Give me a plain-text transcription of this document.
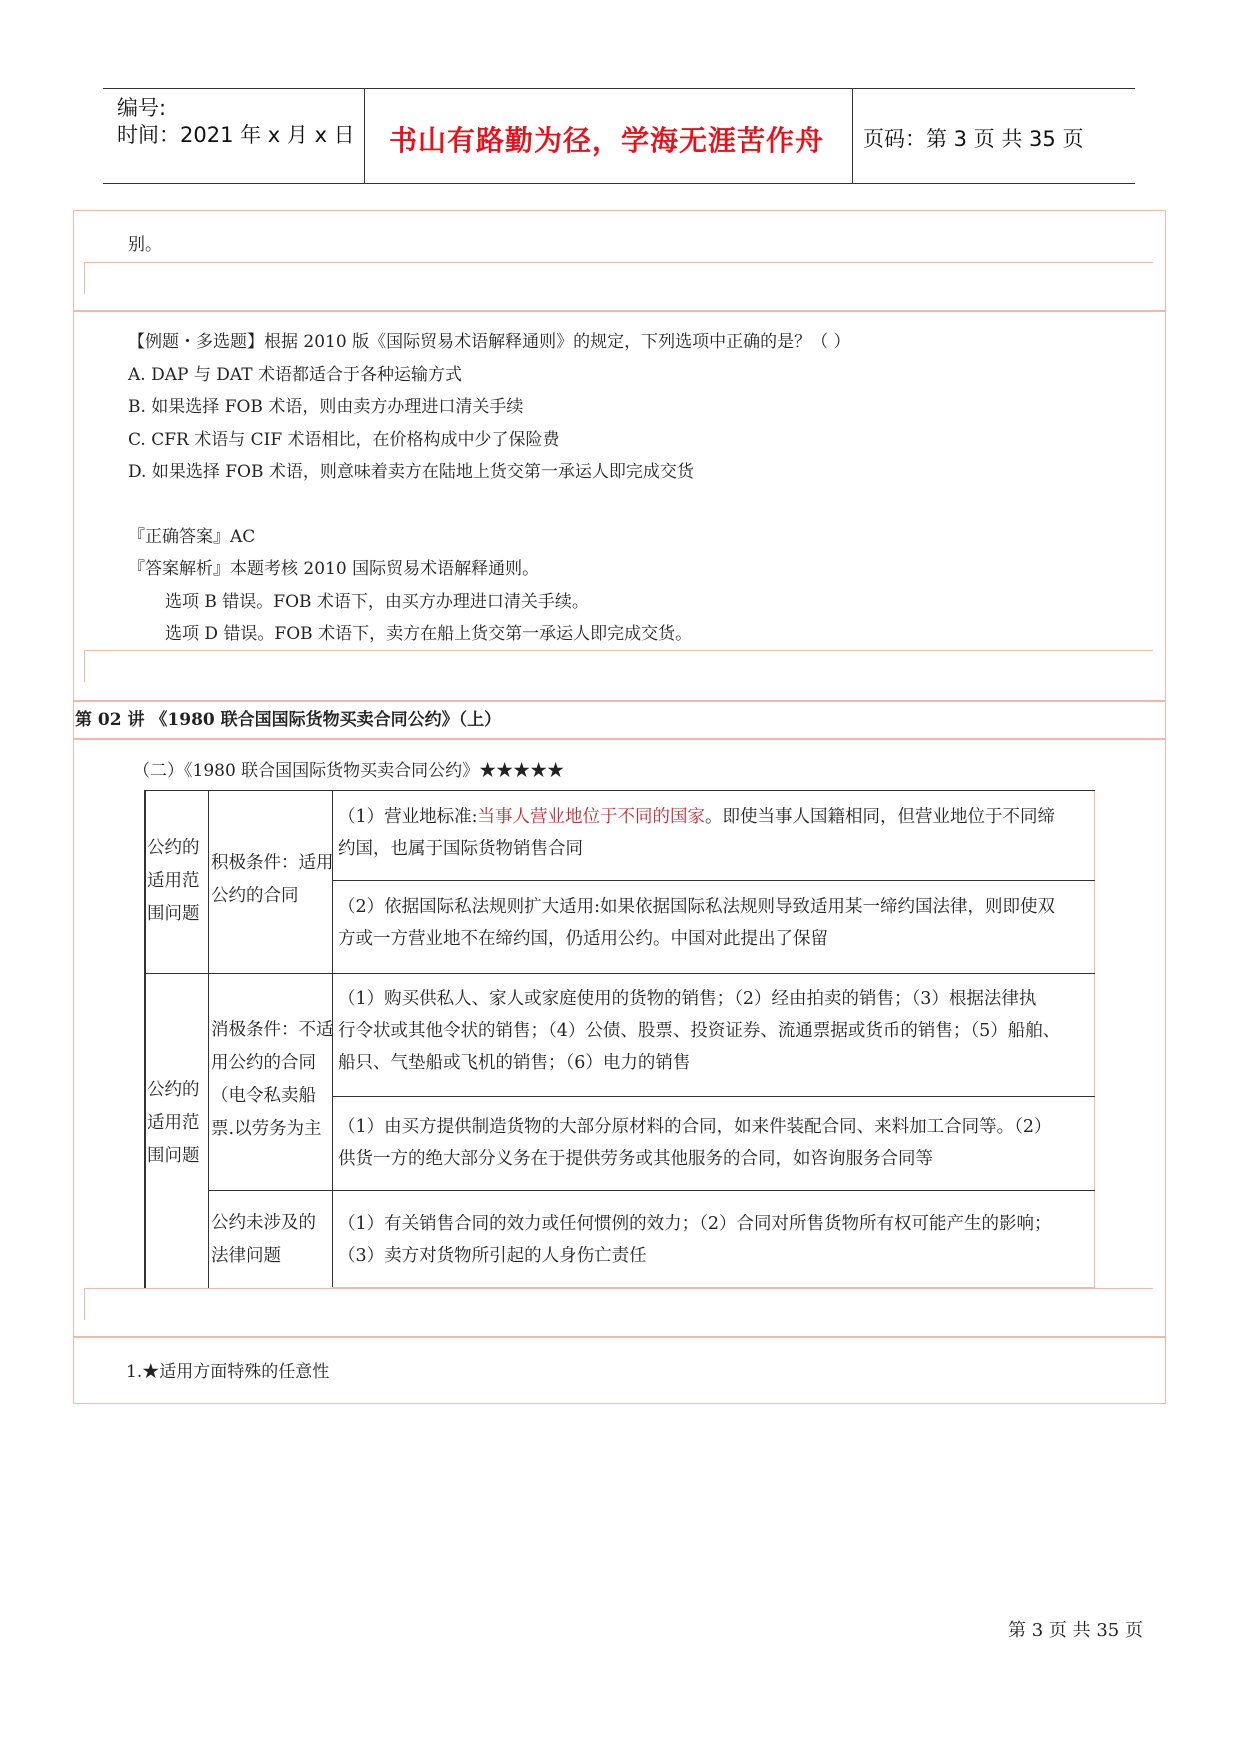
编号:
时间：2021 年 x 月 x 日 书山有路勤为径，学海无涯苦作舟 页码：第 3 页 共 35 页
别。
【例题・多选题】根据 2010 版《国际贸易术语解释通则》的规定，下列选项中正确的是？（ ）
A. DAP 与 DAT 术语都适合于各种运输方式
B. 如果选择 FOB 术语，则由卖方办理进口清关手续
C. CFR 术语与 CIF 术语相比，在价格构成中少了保险费
D. 如果选择 FOB 术语，则意味着卖方在陆地上货交第一承运人即完成交货
『正确答案』AC
『答案解析』本题考核 2010 国际贸易术语解释通则。
选项 B 错误。FOB 术语下，由买方办理进口清关手续。
选项 D 错误。FOB 术语下，卖方在船上货交第一承运人即完成交货。
第 02 讲 《1980 联合国国际货物买卖合同公约》（上）
（二）《1980 联合国国际货物买卖合同公约》★★★★★
公约的
适用范
围问题
积极条件：适用
公约的合同
（1）营业地标准:当事人营业地位于不同的国家。即使当事人国籍相同，但营业地位于不同缔
约国，也属于国际货物销售合同
（2）依据国际私法规则扩大适用:如果依据国际私法规则导致适用某一缔约国法律，则即使双
方或一方营业地不在缔约国，仍适用公约。中国对此提出了保留
公约的
适用范
围问题
消极条件：不适
用公约的合同
（电令私卖船
票.以劳务为主
（1）购买供私人、家人或家庭使用的货物的销售；（2）经由拍卖的销售；（3）根据法律执
行令状或其他令状的销售；（4）公债、股票、投资证券、流通票据或货币的销售；（5）船舶、
船只、气垫船或飞机的销售；（6）电力的销售
（1）由买方提供制造货物的大部分原材料的合同，如来件装配合同、来料加工合同等。（2）
供货一方的绝大部分义务在于提供劳务或其他服务的合同，如咨询服务合同等
公约未涉及的
法律问题
（1）有关销售合同的效力或任何惯例的效力；（2）合同对所售货物所有权可能产生的影响；
（3）卖方对货物所引起的人身伤亡责任
1.★适用方面特殊的任意性
第 3 页 共 35 页
